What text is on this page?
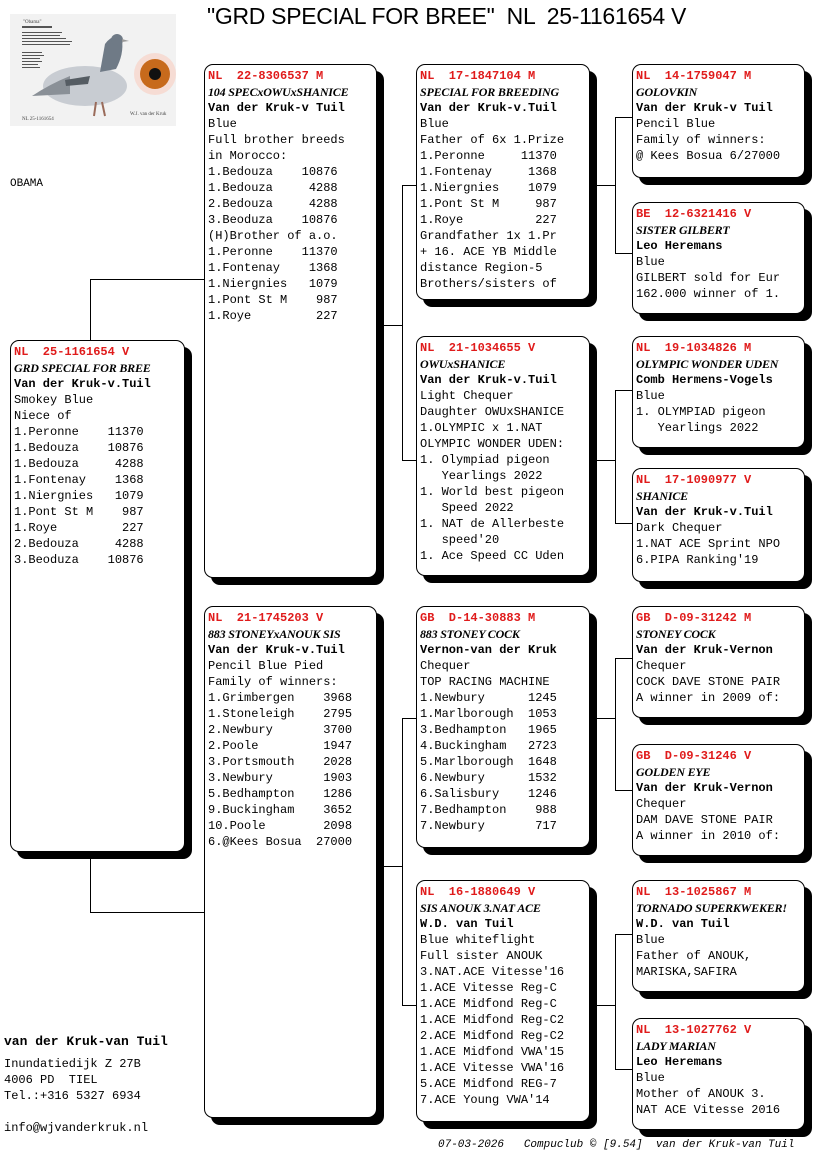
"GRD SPECIAL FOR BREE"  NL  25-1161654 V
"Obama"
NL 25-1161654
W.J. van der Kruk
OBAMA
NL  25-1161654 V
GRD SPECIAL FOR BREE
Van der Kruk-v.Tuil
Smokey Blue
Niece of
1.Peronne    11370
1.Bedouza    10876
1.Bedouza     4288
1.Fontenay    1368
1.Niergnies   1079
1.Pont St M    987
1.Roye         227
2.Bedouza     4288
3.Beoduza    10876
NL  22-8306537 M
104 SPECxOWUxSHANICE
Van der Kruk-v Tuil
Blue
Full brother breeds
in Morocco:
1.Bedouza    10876
1.Bedouza     4288
2.Bedouza     4288
3.Beoduza    10876
(H)Brother of a.o.
1.Peronne    11370
1.Fontenay    1368
1.Niergnies   1079
1.Pont St M    987
1.Roye         227
NL  21-1745203 V
883 STONEYxANOUK SIS
Van der Kruk-v.Tuil
Pencil Blue Pied
Family of winners:
1.Grimbergen    3968
1.Stoneleigh    2795
2.Newbury       3700
2.Poole         1947
3.Portsmouth    2028
3.Newbury       1903
5.Bedhampton    1286
9.Buckingham    3652
10.Poole        2098
6.@Kees Bosua  27000
NL  17-1847104 M
SPECIAL FOR BREEDING
Van der Kruk-v.Tuil
Blue
Father of 6x 1.Prize
1.Peronne     11370
1.Fontenay     1368
1.Niergnies    1079
1.Pont St M     987
1.Roye          227
Grandfather 1x 1.Pr
+ 16. ACE YB Middle
distance Region-5
Brothers/sisters of
NL  21-1034655 V
OWUxSHANICE
Van der Kruk-v.Tuil
Light Chequer
Daughter OWUxSHANICE
1.OLYMPIC x 1.NAT
OLYMPIC WONDER UDEN:
1. Olympiad pigeon
Yearlings 2022
1. World best pigeon
Speed 2022
1. NAT de Allerbeste
speed'20
1. Ace Speed CC Uden
GB  D-14-30883 M
883 STONEY COCK
Vernon-van der Kruk
Chequer
TOP RACING MACHINE
1.Newbury      1245
1.Marlborough  1053
3.Bedhampton   1965
4.Buckingham   2723
5.Marlborough  1648
6.Newbury      1532
6.Salisbury    1246
7.Bedhampton    988
7.Newbury       717
NL  16-1880649 V
SIS ANOUK 3.NAT ACE
W.D. van Tuil
Blue whiteflight
Full sister ANOUK
3.NAT.ACE Vitesse'16
1.ACE Vitesse Reg-C
1.ACE Midfond Reg-C
1.ACE Midfond Reg-C2
2.ACE Midfond Reg-C2
1.ACE Midfond VWA'15
1.ACE Vitesse VWA'16
5.ACE Midfond REG-7
7.ACE Young VWA'14
NL  14-1759047 M
GOLOVKIN
Van der Kruk-v Tuil
Pencil Blue
Family of winners:
@ Kees Bosua 6/27000
BE  12-6321416 V
SISTER GILBERT
Leo Heremans
Blue
GILBERT sold for Eur
162.000 winner of 1.
NL  19-1034826 M
OLYMPIC WONDER UDEN
Comb Hermens-Vogels
Blue
1. OLYMPIAD pigeon
Yearlings 2022
NL  17-1090977 V
SHANICE
Van der Kruk-v.Tuil
Dark Chequer
1.NAT ACE Sprint NPO
6.PIPA Ranking'19
GB  D-09-31242 M
STONEY COCK
Van der Kruk-Vernon
Chequer
COCK DAVE STONE PAIR
A winner in 2009 of:
GB  D-09-31246 V
GOLDEN EYE
Van der Kruk-Vernon
Chequer
DAM DAVE STONE PAIR
A winner in 2010 of:
NL  13-1025867 M
TORNADO SUPERKWEKER!
W.D. van Tuil
Blue
Father of ANOUK,
MARISKA,SAFIRA
NL  13-1027762 V
LADY MARIAN
Leo Heremans
Blue
Mother of ANOUK 3.
NAT ACE Vitesse 2016
van der Kruk-van Tuil
Inundatiedijk Z 27B
4006 PD  TIEL
Tel.:+316 5327 6934
info@wjvanderkruk.nl
07-03-2026   Compuclub © [9.54]  van der Kruk-van Tuil
